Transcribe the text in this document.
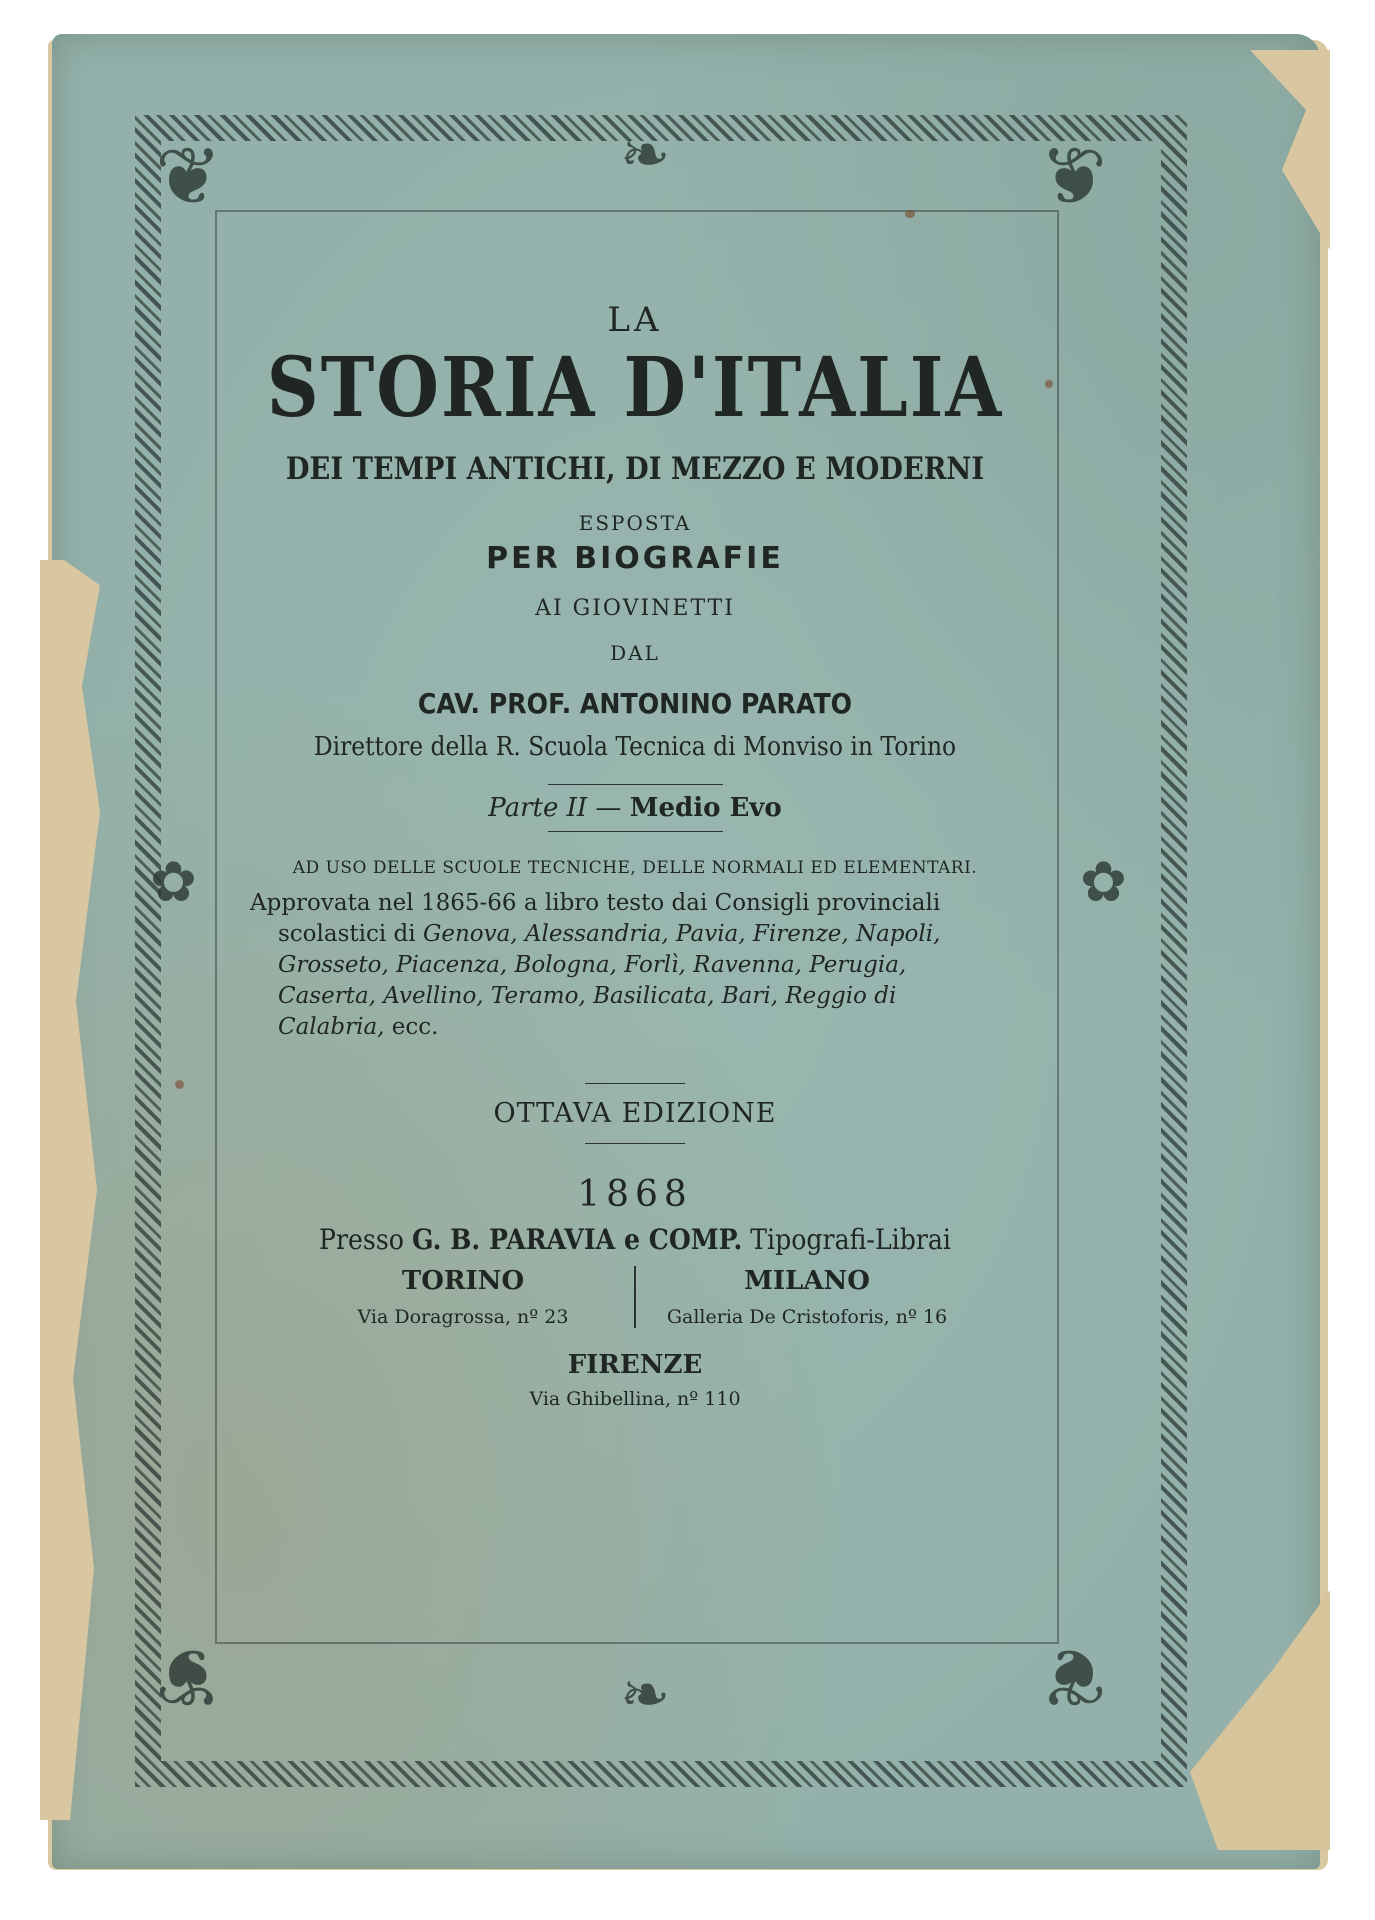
❦	❦
❦	❦
❧
❧
✿	✿
LA
STORIA D'ITALIA
DEI TEMPI ANTICHI, DI MEZZO E MODERNI
ESPOSTA
PER BIOGRAFIE
AI GIOVINETTI
DAL
CAV. PROF. ANTONINO PARATO
Direttore della R. Scuola Tecnica di Monviso in Torino
Parte II — Medio Evo
AD USO DELLE SCUOLE TECNICHE, DELLE NORMALI ED ELEMENTARI.
Approvata nel 1865-66 a libro testo dai Consigli provinciali
scolastici di Genova, Alessandria, Pavia, Firenze, Napoli,
Grosseto, Piacenza, Bologna, Forlì, Ravenna, Perugia,
Caserta, Avellino, Teramo, Basilicata, Bari, Reggio di
Calabria, ecc.
OTTAVA EDIZIONE
1868
Presso G. B. PARAVIA e COMP. Tipografi-Librai
TORINO
Via Doragrossa, nº 23
MILANO
Galleria De Cristoforis, nº 16
FIRENZE
Via Ghibellina, nº 110
